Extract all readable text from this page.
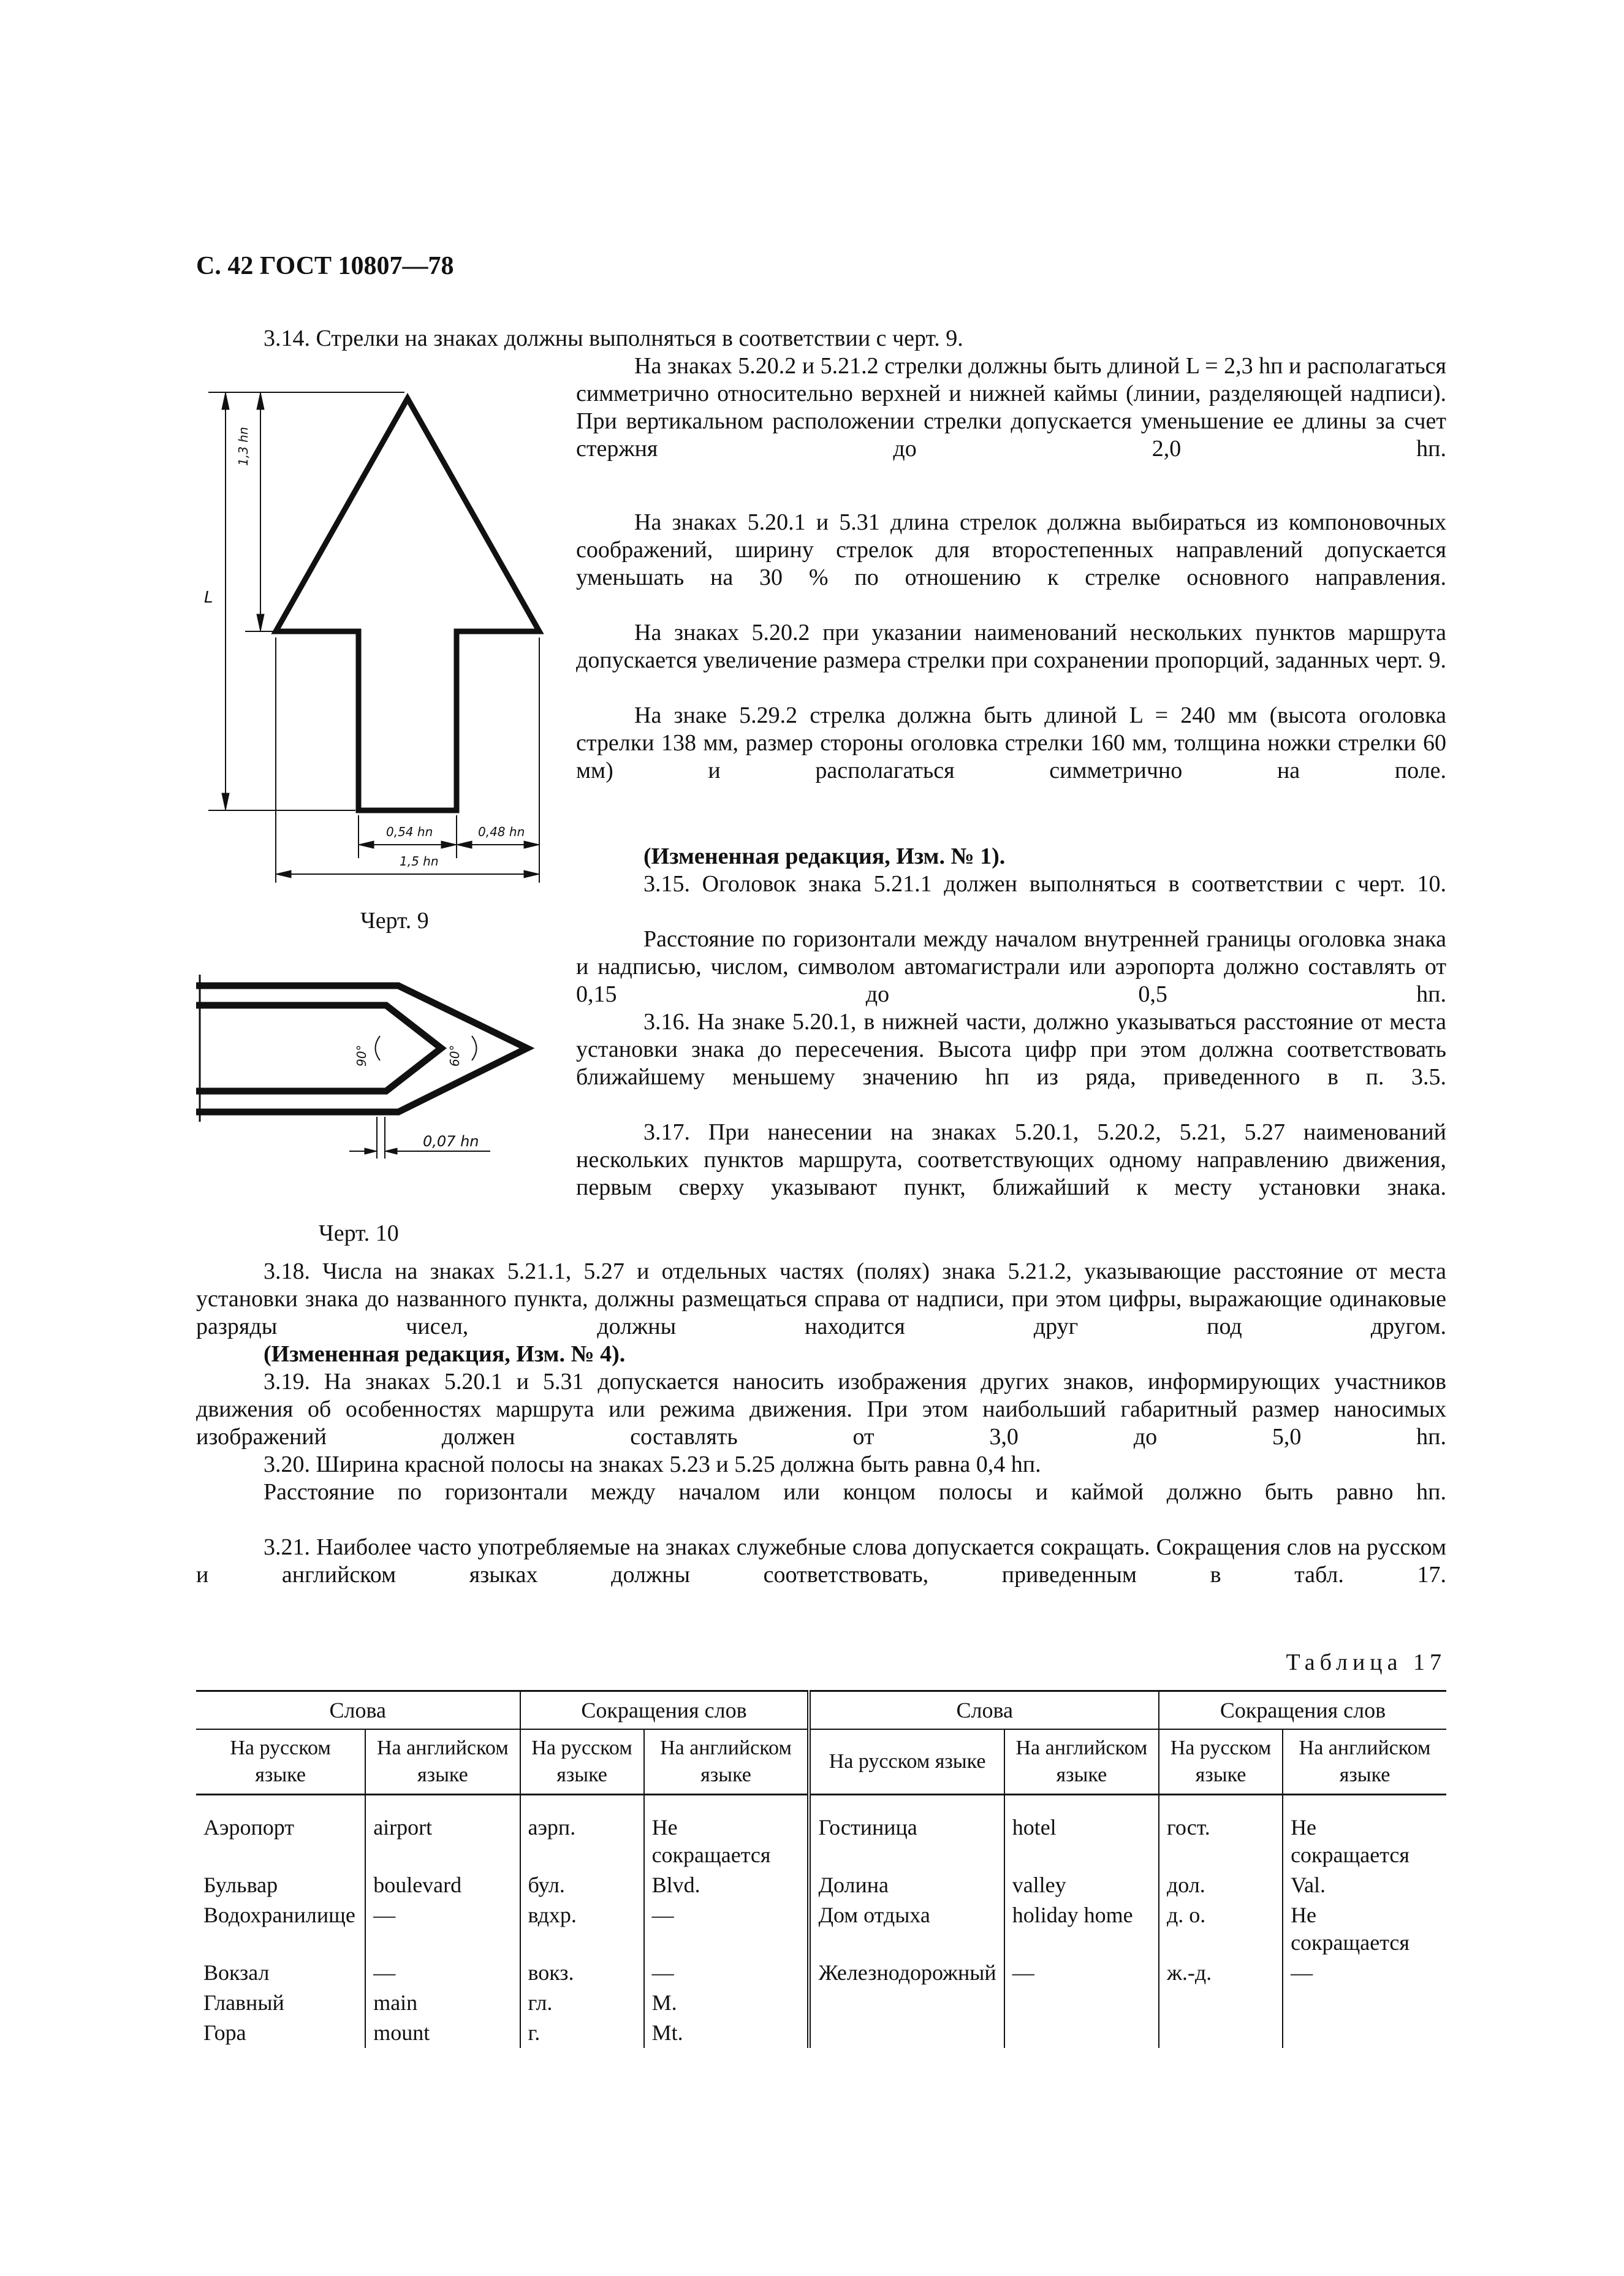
С. 42 ГОСТ 10807—78
1,3 hn
L
0,54 hn	0,48 hn
1,5 hn
Черт. 9
90°	60°
0,07 hn
Черт. 10
3.14. Стрелки на знаках должны выполняться в соответствии с черт. 9.
На знаках 5.20.2 и 5.21.2 стрелки должны быть длиной L = 2,3 hп и располагаться симметрично относительно верхней и нижней каймы (линии, разделяющей надписи). При вертикальном расположении стрелки допускается уменьшение ее длины за счет стержня до 2,0 hп.
На знаках 5.20.1 и 5.31 длина стрелок должна выбираться из компоновочных соображений, ширину стрелок для второстепенных направлений допускается уменьшать на 30 % по отношению к стрелке основного направления.
На знаках 5.20.2 при указании наименований нескольких пунктов маршрута допускается увеличение размера стрелки при сохранении пропорций, заданных черт. 9.
На знаке 5.29.2 стрелка должна быть длиной L = 240 мм (высота оголовка стрелки 138 мм, размер стороны оголовка стрелки 160 мм, толщина ножки стрелки 60 мм) и располагаться симметрично на поле.
(Измененная редакция, Изм. № 1).
3.15. Оголовок знака 5.21.1 должен выполняться в соответствии с черт. 10.
Расстояние по горизонтали между началом внутренней границы оголовка знака и надписью, числом, символом автомагистрали или аэропорта должно составлять от 0,15 до 0,5 hп.
3.16. На знаке 5.20.1, в нижней части, должно указываться расстояние от места установки знака до пересечения. Высота цифр при этом должна соответствовать ближайшему меньшему значению hп из ряда, приведенного в п. 3.5.
3.17. При нанесении на знаках 5.20.1, 5.20.2, 5.21, 5.27 наименований нескольких пунктов маршрута, соответствующих одному направлению движения, первым сверху указывают пункт, ближайший к месту установки знака.
3.18. Числа на знаках 5.21.1, 5.27 и отдельных частях (полях) знака 5.21.2, указывающие расстояние от места установки знака до названного пункта, должны размещаться справа от надписи, при этом цифры, выражающие одинаковые разряды чисел, должны находится друг под другом.
(Измененная редакция, Изм. № 4).
3.19. На знаках 5.20.1 и 5.31 допускается наносить изображения других знаков, информирующих участников движения об особенностях маршрута или режима движения. При этом наибольший габаритный размер наносимых изображений должен составлять от 3,0 до 5,0 hп.
3.20. Ширина красной полосы на знаках 5.23 и 5.25 должна быть равна 0,4 hп.
Расстояние по горизонтали между началом или концом полосы и каймой должно быть равно hп.
3.21. Наиболее часто употребляемые на знаках служебные слова допускается сокращать. Сокращения слов на русском и английском языках должны соответствовать, приведенным в табл. 17.
Таблица 17
Слова		Сокращения слов		Слова		Сокращения слов	
На русском языке	На английском языке	На русском языке	На английском языке	На русском языке	На английском языке	На русском языке	На английском языке
Аэропорт	airport	аэрп.	Не сокращается	Гостиница	hotel	гост.	Не сокращается
Бульвар	boulevard	бул.	Blvd.	Долина	valley	дол.	Val.
Водохранилище	—	вдхр.	—	Дом отдыха	holiday home	д. о.	Не сокращается
Вокзал	—	вокз.	—	Железнодорожный	—	ж.-д.	—
Главный	main	гл.	M.				
Гора	mount	г.	Mt.				
